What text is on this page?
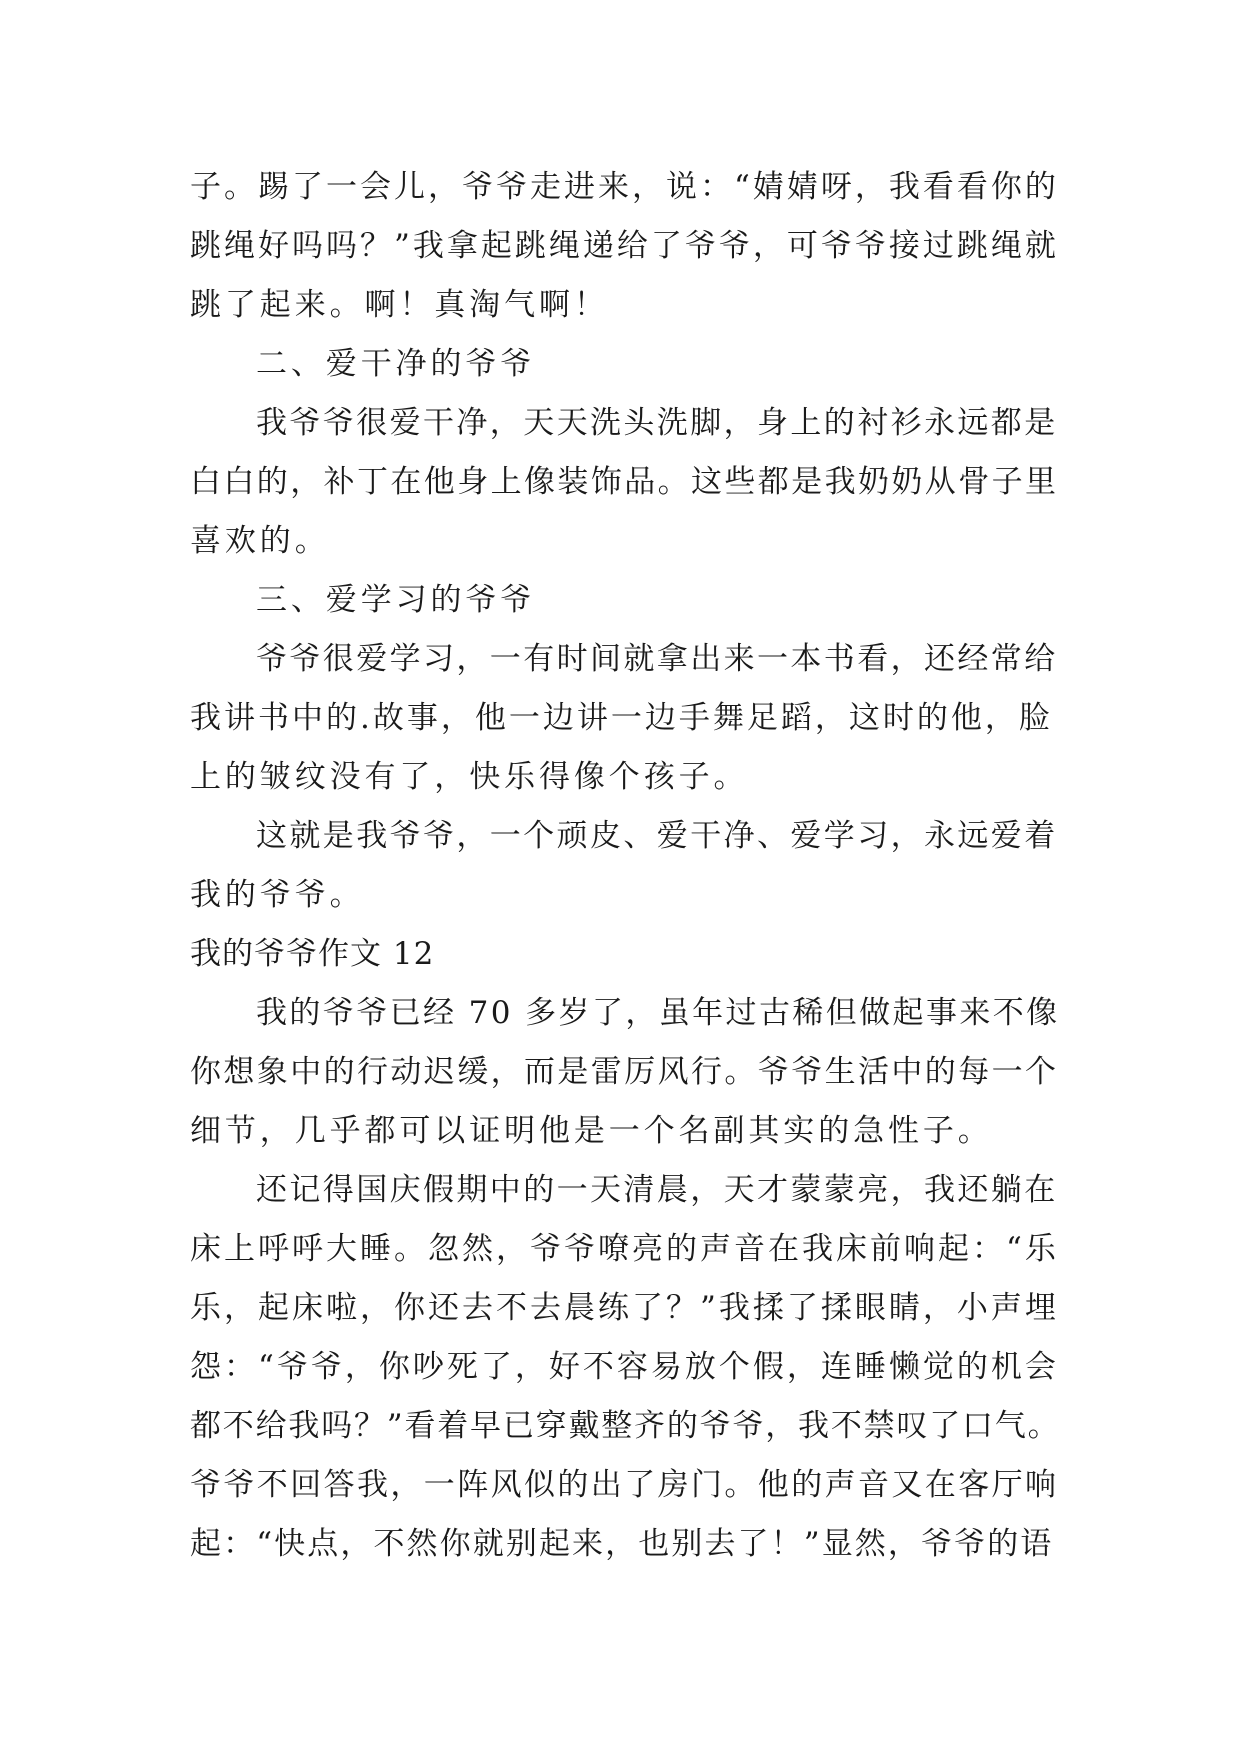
子。踢了一会儿，爷爷走进来，说：“婧婧呀，我看看你的
跳绳好吗吗？”我拿起跳绳递给了爷爷，可爷爷接过跳绳就
跳了起来。啊！真淘气啊！
二、爱干净的爷爷
我爷爷很爱干净，天天洗头洗脚，身上的衬衫永远都是
白白的，补丁在他身上像装饰品。这些都是我奶奶从骨子里
喜欢的。
三、爱学习的爷爷
爷爷很爱学习，一有时间就拿出来一本书看，还经常给
我讲书中的.故事，他一边讲一边手舞足蹈，这时的他，脸
上的皱纹没有了，快乐得像个孩子。
这就是我爷爷，一个顽皮、爱干净、爱学习，永远爱着
我的爷爷。
我的爷爷作文 12
我的爷爷已经 70 多岁了，虽年过古稀但做起事来不像
你想象中的行动迟缓，而是雷厉风行。爷爷生活中的每一个
细节，几乎都可以证明他是一个名副其实的急性子。
还记得国庆假期中的一天清晨，天才蒙蒙亮，我还躺在
床上呼呼大睡。忽然，爷爷嘹亮的声音在我床前响起：“乐
乐，起床啦，你还去不去晨练了？”我揉了揉眼睛，小声埋
怨：“爷爷，你吵死了，好不容易放个假，连睡懒觉的机会
都不给我吗？”看着早已穿戴整齐的爷爷，我不禁叹了口气。
爷爷不回答我，一阵风似的出了房门。他的声音又在客厅响
起：“快点，不然你就别起来，也别去了！”显然，爷爷的语
